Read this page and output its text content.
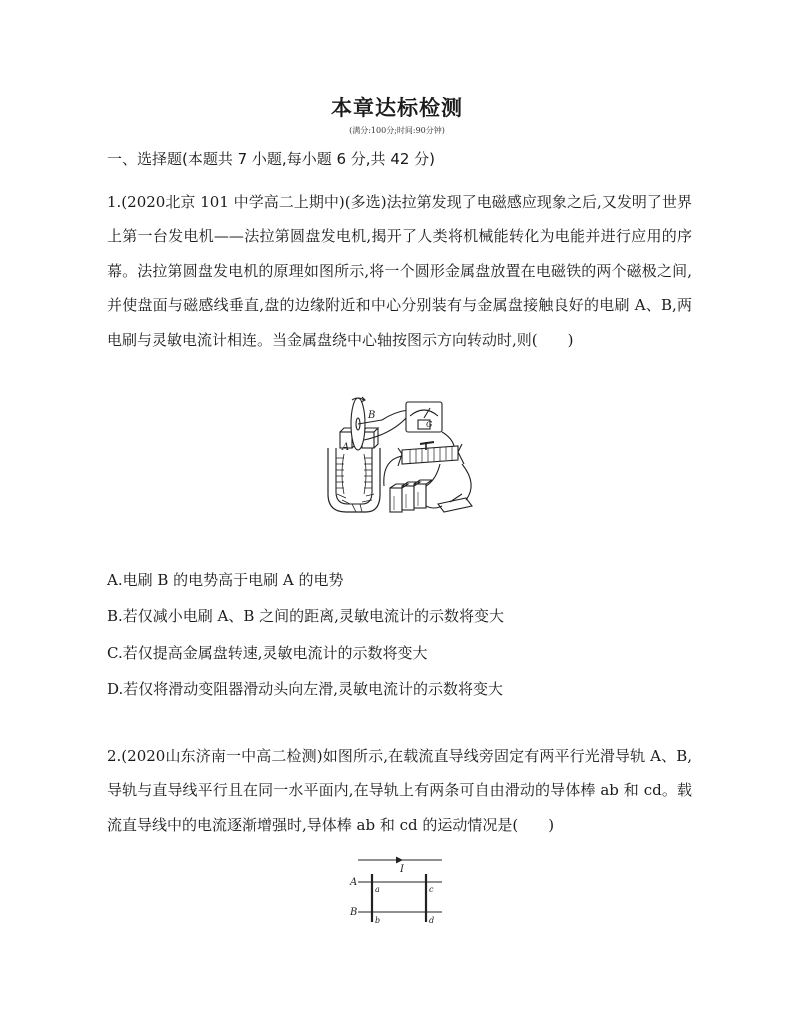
本章达标检测
(满分:100分;时间:90分钟)
一、选择题(本题共 7 小题,每小题 6 分,共 42 分)

1.(2020北京 101 中学高二上期中)(多选)法拉第发现了电磁感应现象之后,又发明了世界上第一台发电机——法拉第圆盘发电机,揭开了人类将机械能转化为电能并进行应用的序幕。法拉第圆盘发电机的原理如图所示,将一个圆形金属盘放置在电磁铁的两个磁极之间,并使盘面与磁感线垂直,盘的边缘附近和中心分别装有与金属盘接触良好的电刷 A、B,两电刷与灵敏电流计相连。当金属盘绕中心轴按图示方向转动时,则(　　)

A
B
G
A.电刷 B 的电势高于电刷 A 的电势
B.若仅减小电刷 A、B 之间的距离,灵敏电流计的示数将变大
C.若仅提高金属盘转速,灵敏电流计的示数将变大
D.若仅将滑动变阻器滑动头向左滑,灵敏电流计的示数将变大

2.(2020山东济南一中高二检测)如图所示,在载流直导线旁固定有两平行光滑导轨 A、B,导轨与直导线平行且在同一水平面内,在导轨上有两条可自由滑动的导体棒 ab 和 cd。载流直导线中的电流逐渐增强时,导体棒 ab 和 cd 的运动情况是(　　)

I
A
B
a
b
c
d
